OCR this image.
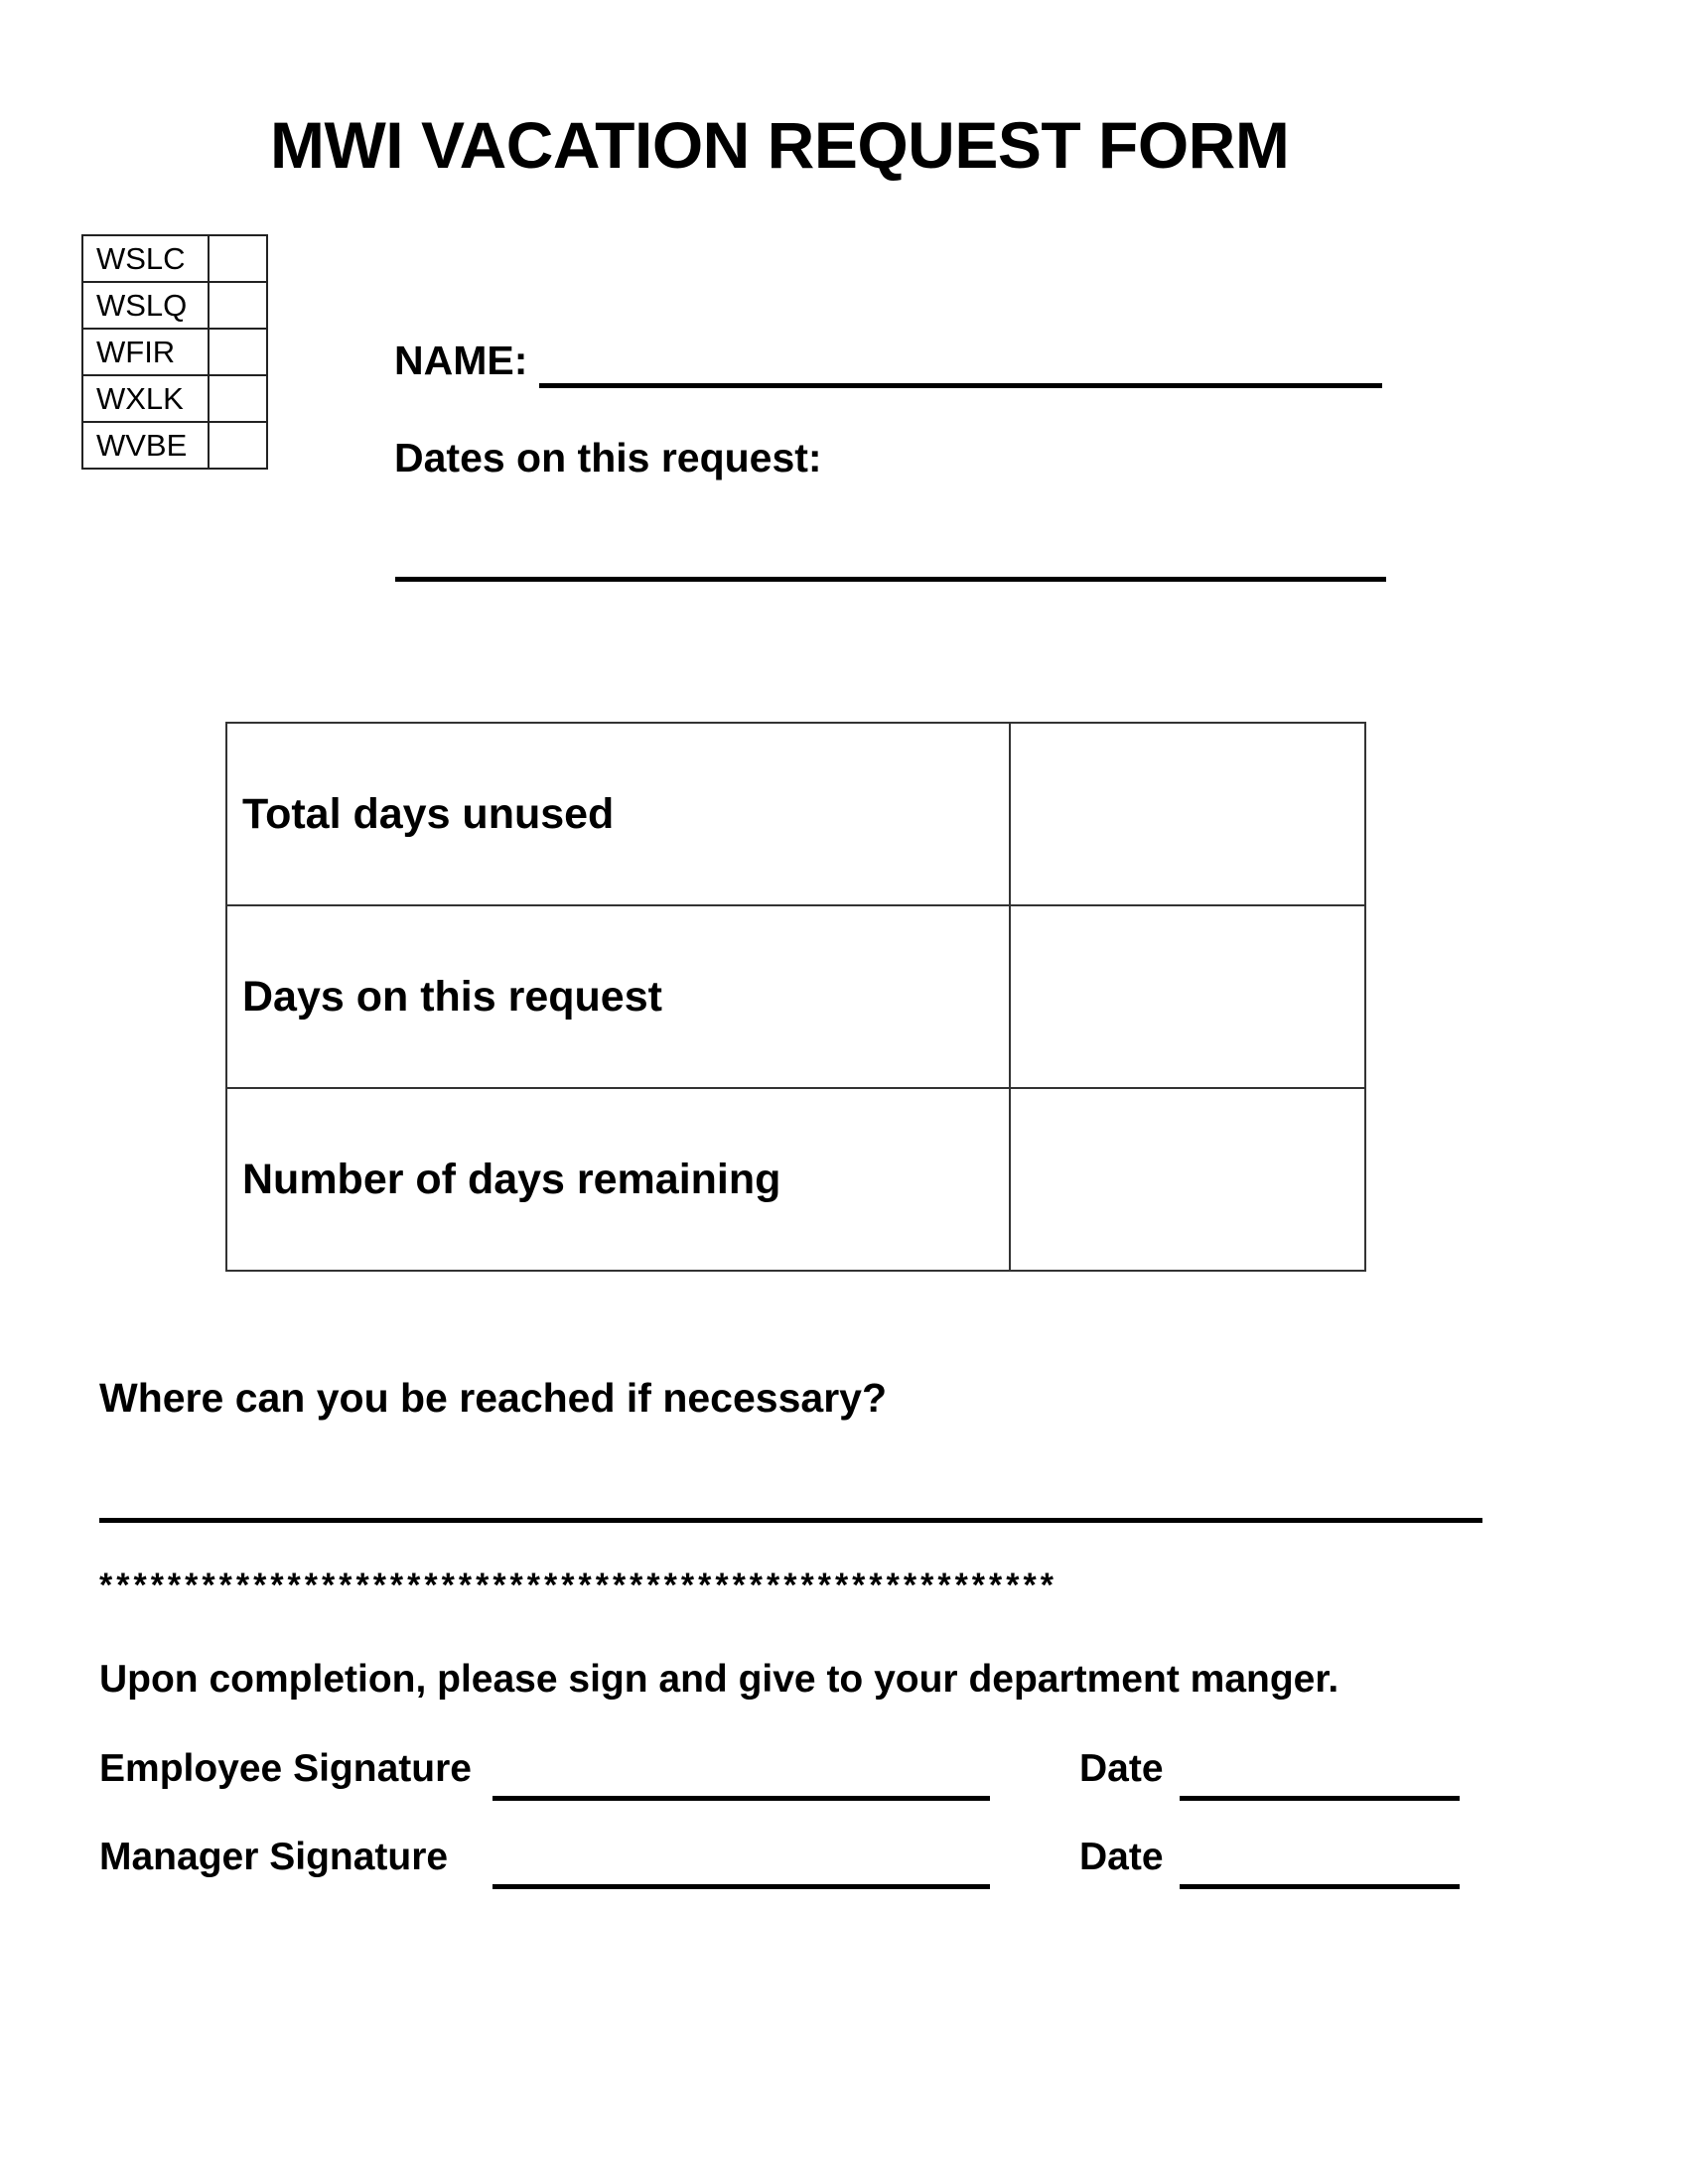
MWI VACATION REQUEST FORM
WSLC	
WSLQ	
WFIR	
WXLK	
WVBE	
NAME:
Dates on this request:
Total days unused	
Days on this request	
Number of days remaining	
Where can you be reached if necessary?
********************************************************
Upon completion, please sign and give to your department manger.
Employee Signature	Date
Manager Signature	Date
